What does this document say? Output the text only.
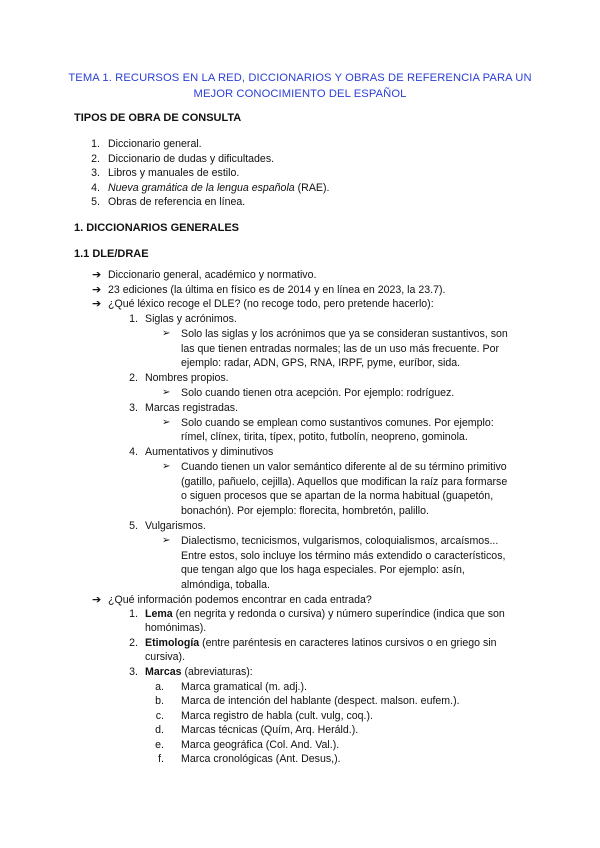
TEMA 1. RECURSOS EN LA RED, DICCIONARIOS Y OBRAS DE REFERENCIA PARA UN
MEJOR CONOCIMIENTO DEL ESPAÑOL
TIPOS DE OBRA DE CONSULTA
1. Diccionario general.
2. Diccionario de dudas y dificultades.
3. Libros y manuales de estilo.
4. Nueva gramática de la lengua española (RAE).
5. Obras de referencia en línea.
1. DICCIONARIOS GENERALES
1.1 DLE/DRAE
➔ Diccionario general, académico y normativo.
➔ 23 ediciones (la última en físico es de 2014 y en línea en 2023, la 23.7).
➔ ¿Qué léxico recoge el DLE? (no recoge todo, pero pretende hacerlo):
1. Siglas y acrónimos.
➢ Solo las siglas y los acrónimos que ya se consideran sustantivos, son
las que tienen entradas normales; las de un uso más frecuente. Por
ejemplo: radar, ADN, GPS, RNA, IRPF, pyme, euríbor, sida.
2. Nombres propios.
➢ Solo cuando tienen otra acepción. Por ejemplo: rodríguez.
3. Marcas registradas.
➢ Solo cuando se emplean como sustantivos comunes. Por ejemplo:
rímel, clínex, tirita, típex, potito, futbolín, neopreno, gominola.
4. Aumentativos y diminutivos
➢ Cuando tienen un valor semántico diferente al de su término primitivo
(gatillo, pañuelo, cejilla). Aquellos que modifican la raíz para formarse
o siguen procesos que se apartan de la norma habitual (guapetón,
bonachón). Por ejemplo: florecita, hombretón, palillo.
5. Vulgarismos.
➢ Dialectismo, tecnicismos, vulgarismos, coloquialismos, arcaísmos...
Entre estos, solo incluye los término más extendido o característicos,
que tengan algo que los haga especiales. Por ejemplo: asín,
almóndiga, toballa.
➔ ¿Qué información podemos encontrar en cada entrada?
1. Lema (en negrita y redonda o cursiva) y número superíndice (indica que son
homónimas).
2. Etimología (entre paréntesis en caracteres latinos cursivos o en griego sin
cursiva).
3. Marcas (abreviaturas):
a. Marca gramatical (m. adj.).
b. Marca de intención del hablante (despect. malson. eufem.).
c. Marca registro de habla (cult. vulg, coq.).
d. Marcas técnicas (Quím, Arq. Heráld.).
e. Marca geográfica (Col. And. Val.).
f. Marca cronológicas (Ant. Desus,).
